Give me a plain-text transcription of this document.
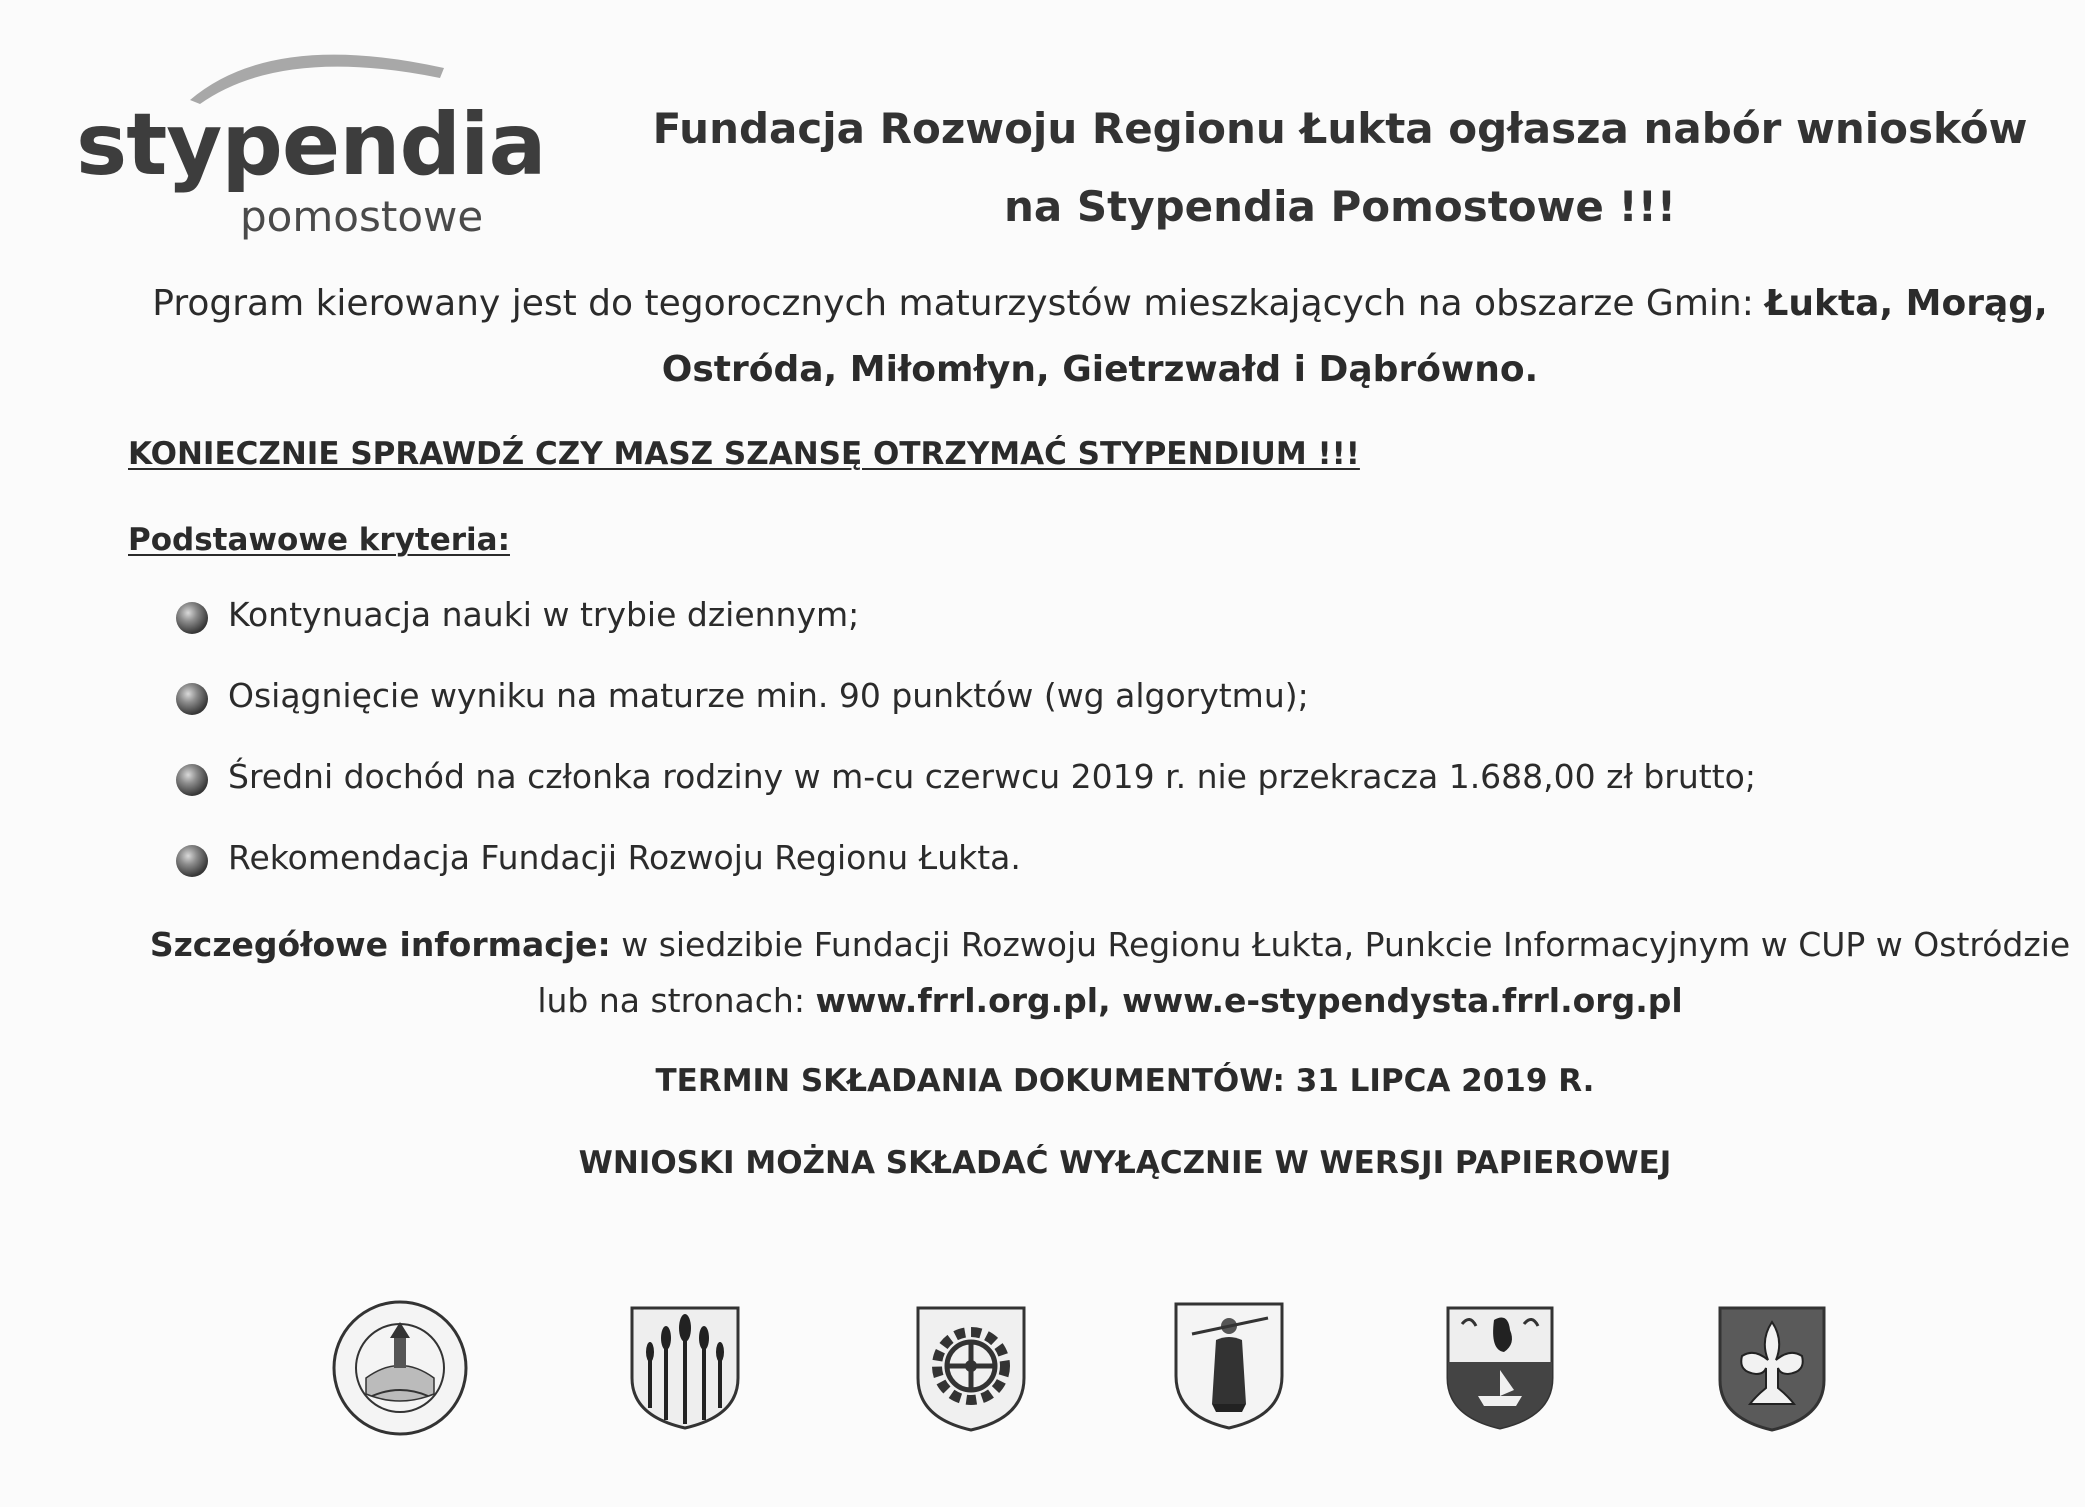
stypendia
pomostowe
Fundacja Rozwoju Regionu Łukta ogłasza nabór wniosków
na Stypendia Pomostowe !!!
Program kierowany jest do tegorocznych maturzystów mieszkających na obszarze Gmin: Łukta, Morąg,
Ostróda, Miłomłyn, Gietrzwałd i Dąbrówno.
KONIECZNIE SPRAWDŹ CZY MASZ SZANSĘ OTRZYMAĆ STYPENDIUM !!!
Podstawowe kryteria:
Kontynuacja nauki w trybie dziennym;
Osiągnięcie wyniku na maturze min. 90 punktów (wg algorytmu);
Średni dochód na członka rodziny w m-cu czerwcu 2019 r. nie przekracza 1.688,00 zł brutto;
Rekomendacja Fundacji Rozwoju Regionu Łukta.
Szczegółowe informacje: w siedzibie Fundacji Rozwoju Regionu Łukta, Punkcie Informacyjnym w CUP w Ostródzie
lub na stronach: www.frrl.org.pl, www.e-stypendysta.frrl.org.pl
TERMIN SKŁADANIA DOKUMENTÓW: 31 LIPCA 2019 R.
WNIOSKI MOŻNA SKŁADAĆ WYŁĄCZNIE W WERSJI PAPIEROWEJ
